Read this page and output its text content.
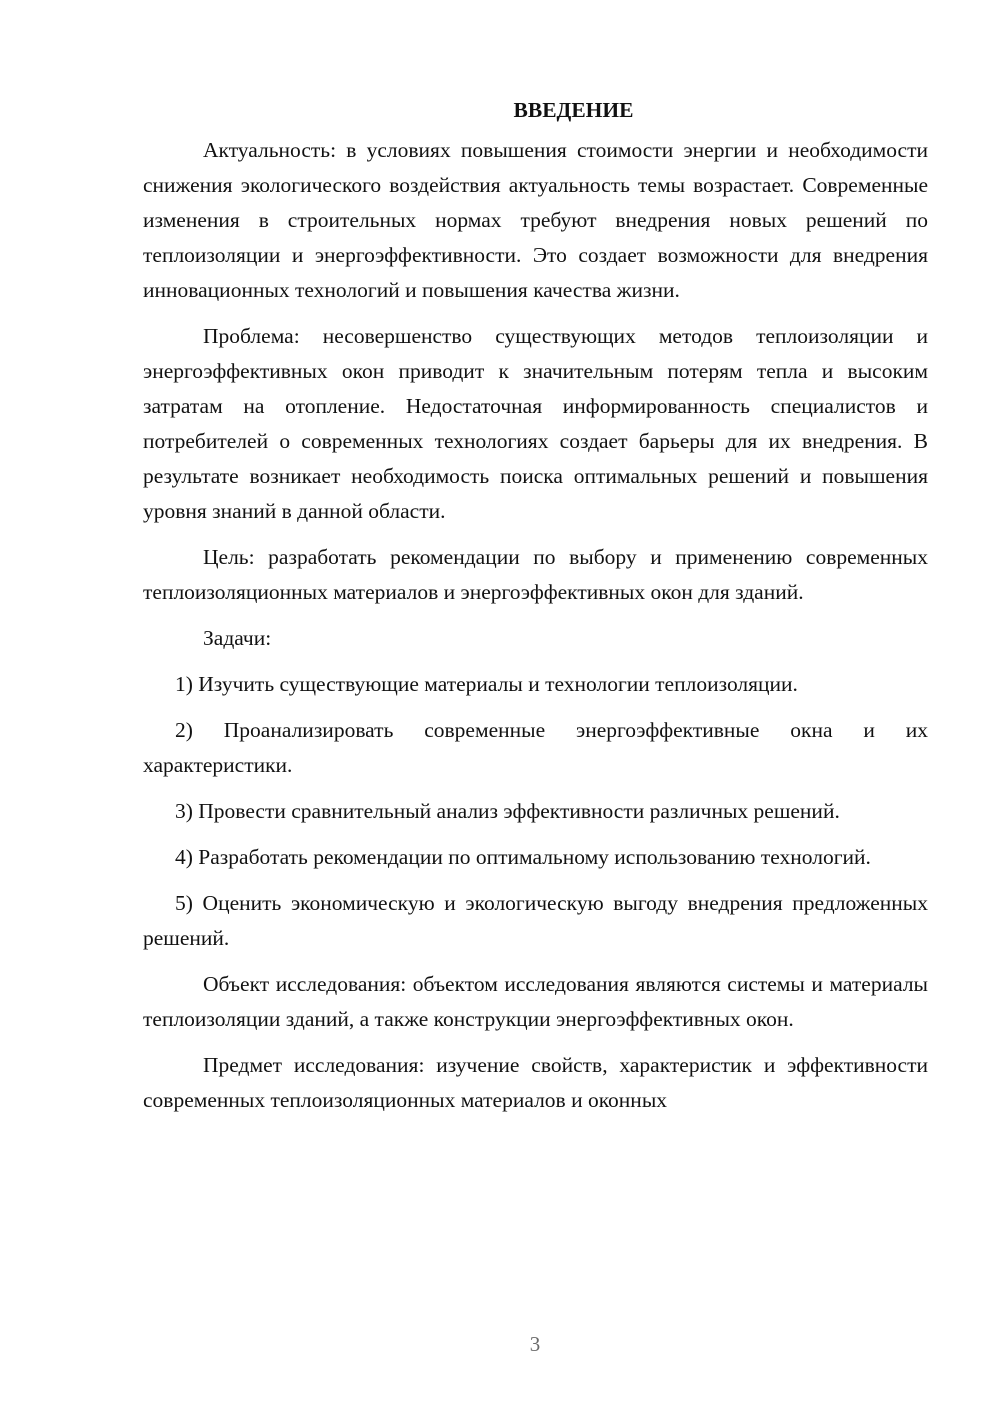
ВВЕДЕНИЕ

Актуальность: в условиях повышения стоимости энергии и необходимости снижения экологического воздействия актуальность темы возрастает. Современные изменения в строительных нормах требуют внедрения новых решений по теплоизоляции и энергоэффективности. Это создает возможности для внедрения инновационных технологий и повышения качества жизни.

Проблема: несовершенство существующих методов теплоизоляции и энергоэффективных окон приводит к значительным потерям тепла и высоким затратам на отопление. Недостаточная информированность специалистов и потребителей о современных технологиях создает барьеры для их внедрения. В результате возникает необходимость поиска оптимальных решений и повышения уровня знаний в данной области.

Цель: разработать рекомендации по выбору и применению современных теплоизоляционных материалов и энергоэффективных окон для зданий.

Задачи:

1) Изучить существующие материалы и технологии теплоизоляции.

2) Проанализировать современные энергоэффективные окна и их характеристики.

3) Провести сравнительный анализ эффективности различных решений.

4) Разработать рекомендации по оптимальному использованию технологий.

5) Оценить экономическую и экологическую выгоду внедрения предложенных решений.

Объект исследования: объектом исследования являются системы и материалы теплоизоляции зданий, а также конструкции энергоэффективных окон.

Предмет исследования: изучение свойств, характеристик и эффективности современных теплоизоляционных материалов и оконных

3
